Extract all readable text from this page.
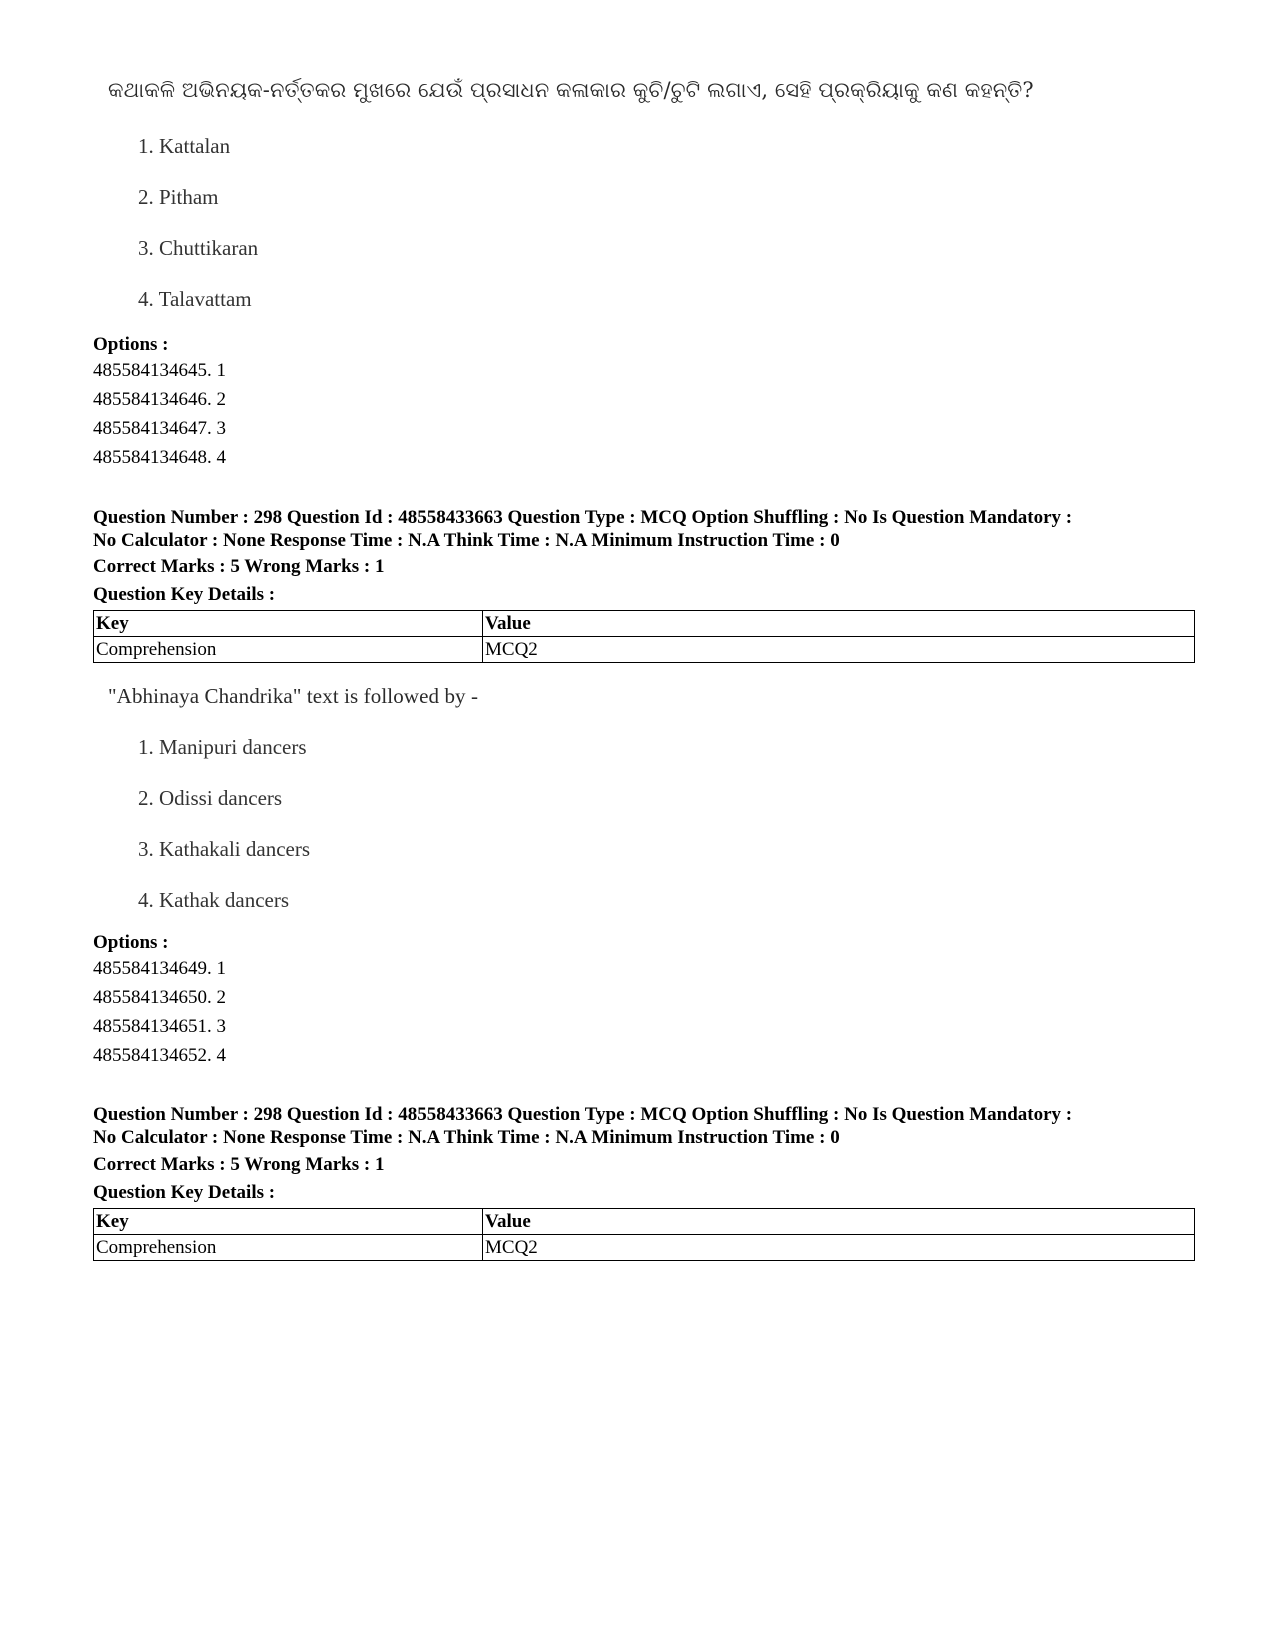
କଥାକଳି ଅଭିନୟକ-ନର୍ତ୍ତକର ମୁଖରେ ଯେଉଁ ପ୍ରସାଧନ କଳାକାର କୁଚି/ଚୁଟି ଲଗାଏ, ସେହି ପ୍ରକ୍ରିୟାକୁ କଣ କହନ୍ତି?
1. Kattalan
2. Pitham
3. Chuttikaran
4. Talavattam
Options :
485584134645. 1
485584134646. 2
485584134647. 3
485584134648. 4
Question Number : 298 Question Id : 48558433663 Question Type : MCQ Option Shuffling : No Is Question Mandatory :
No Calculator : None Response Time : N.A Think Time : N.A Minimum Instruction Time : 0
Correct Marks : 5 Wrong Marks : 1
Question Key Details :
Key	Value
Comprehension	MCQ2
"Abhinaya Chandrika" text is followed by -
1. Manipuri dancers
2. Odissi dancers
3. Kathakali dancers
4. Kathak dancers
Options :
485584134649. 1
485584134650. 2
485584134651. 3
485584134652. 4
Question Number : 298 Question Id : 48558433663 Question Type : MCQ Option Shuffling : No Is Question Mandatory :
No Calculator : None Response Time : N.A Think Time : N.A Minimum Instruction Time : 0
Correct Marks : 5 Wrong Marks : 1
Question Key Details :
Key	Value
Comprehension	MCQ2
